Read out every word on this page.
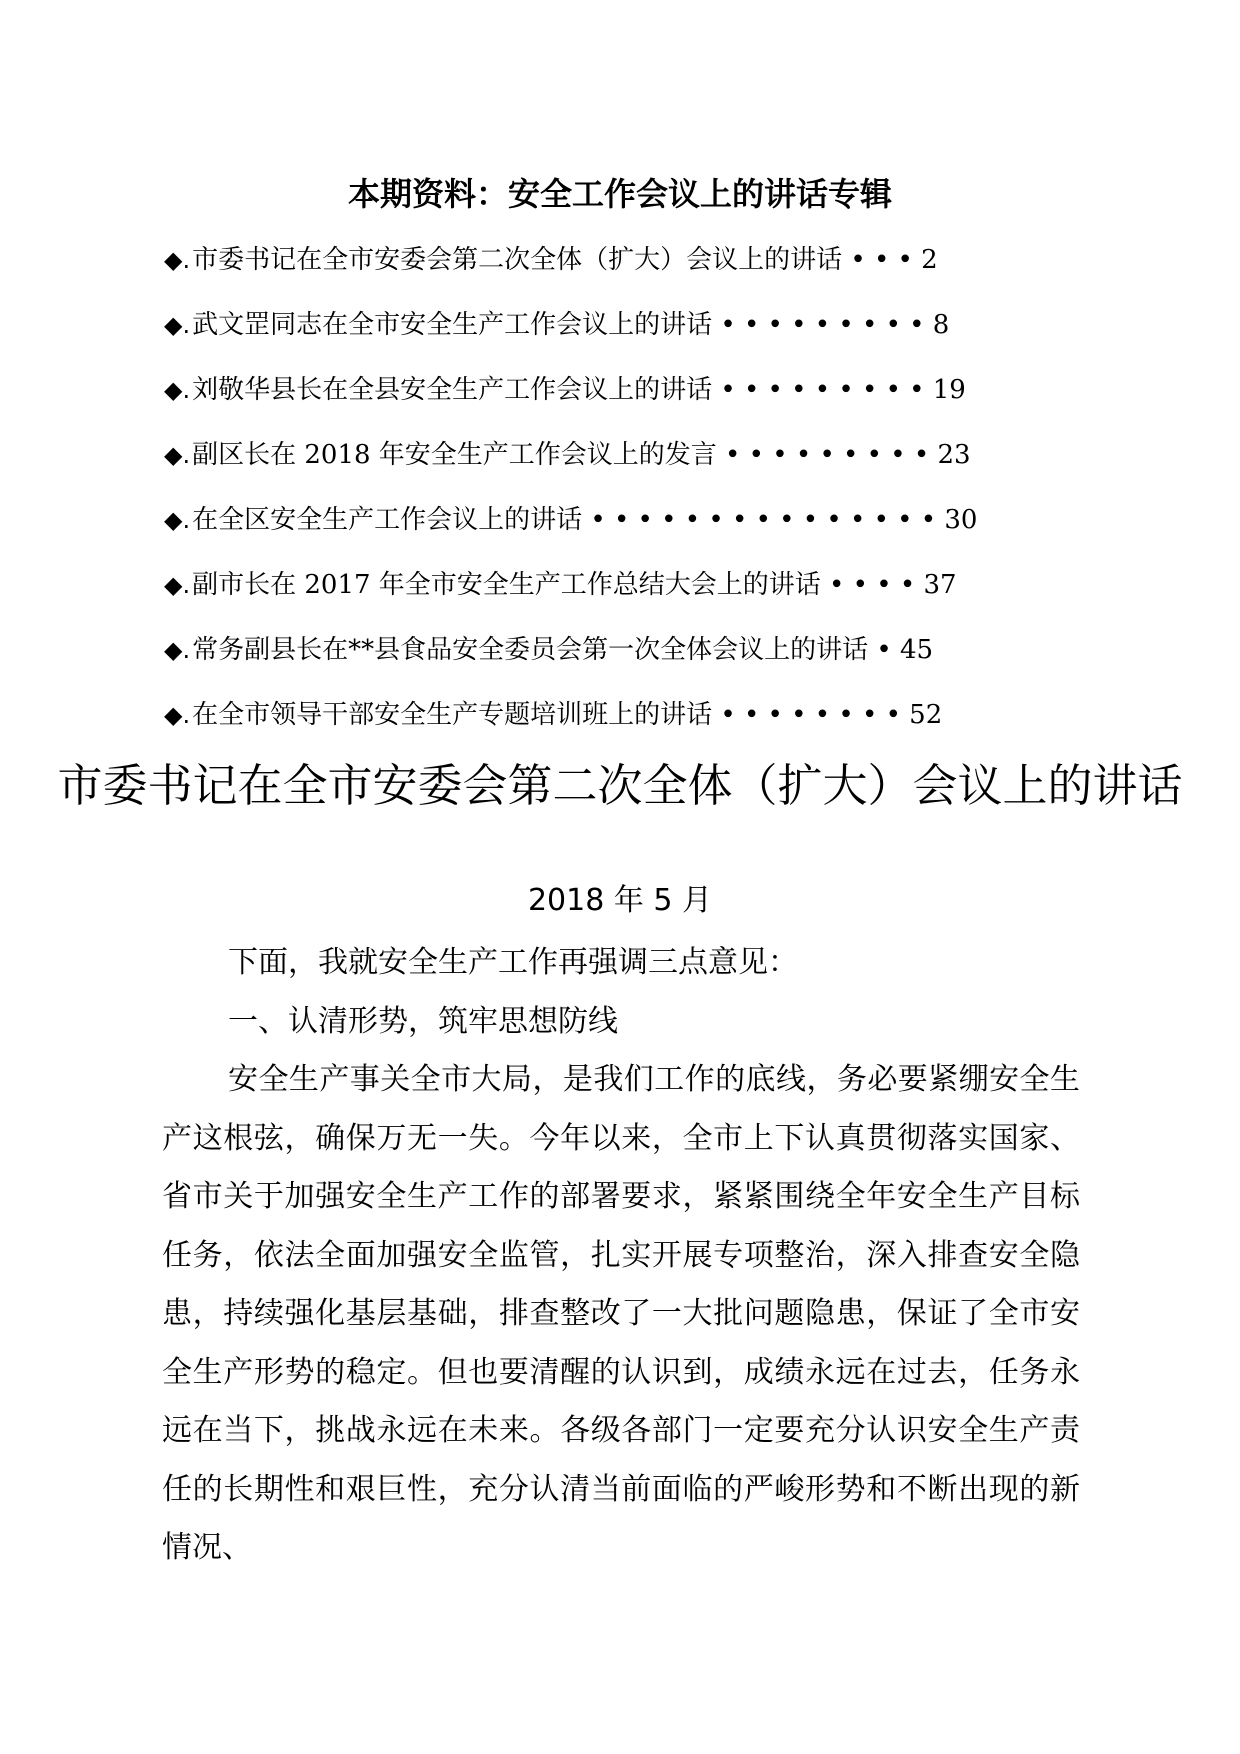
本期资料：安全工作会议上的讲话专辑
◆. 市委书记在全市安委会第二次全体（扩大）会议上的讲话 • • • 2
◆. 武文罡同志在全市安全生产工作会议上的讲话 • • • • • • • • • 8
◆. 刘敬华县长在全县安全生产工作会议上的讲话 • • • • • • • • • 19
◆. 副区长在 2018 年安全生产工作会议上的发言 • • • • • • • • • 23
◆. 在全区安全生产工作会议上的讲话 • • • • • • • • • • • • • • • 30
◆. 副市长在 2017 年全市安全生产工作总结大会上的讲话 • • • • 37
◆. 常务副县长在**县食品安全委员会第一次全体会议上的讲话 • 45
◆. 在全市领导干部安全生产专题培训班上的讲话 • • • • • • • • 52
市委书记在全市安委会第二次全体（扩大）会议上的讲话
2018 年 5 月

下面，我就安全生产工作再强调三点意见：

一、认清形势，筑牢思想防线

安全生产事关全市大局，是我们工作的底线，务必要紧绷安全生产这根弦，确保万无一失。今年以来，全市上下认真贯彻落实国家、省市关于加强安全生产工作的部署要求，紧紧围绕全年安全生产目标任务，依法全面加强安全监管，扎实开展专项整治，深入排查安全隐患，持续强化基层基础，排查整改了一大批问题隐患，保证了全市安全生产形势的稳定。但也要清醒的认识到，成绩永远在过去，任务永远在当下，挑战永远在未来。各级各部门一定要充分认识安全生产责任的长期性和艰巨性，充分认清当前面临的严峻形势和不断出现的新情况、
